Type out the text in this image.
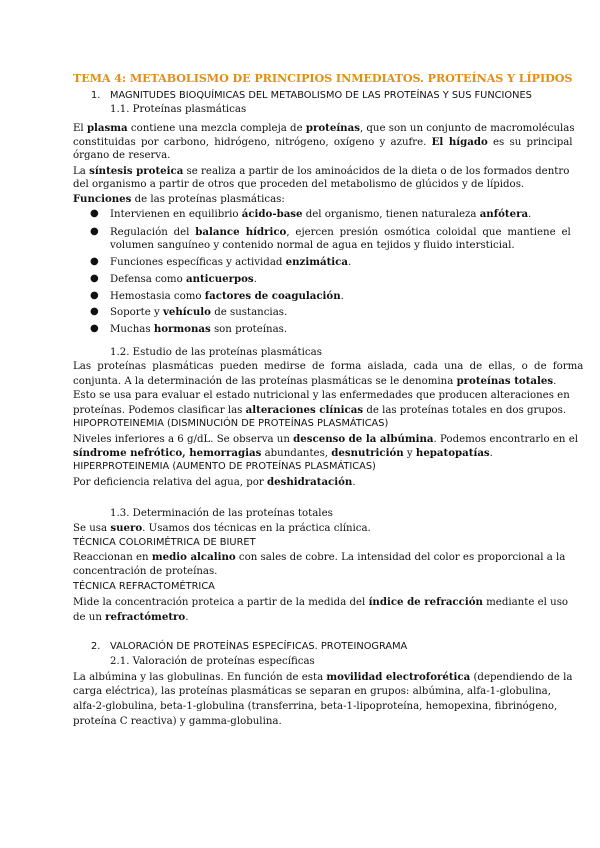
TEMA 4: METABOLISMO DE PRINCIPIOS INMEDIATOS. PROTEÍNAS Y LÍPIDOS
1. MAGNITUDES BIOQUÍMICAS DEL METABOLISMO DE LAS PROTEÍNAS Y SUS FUNCIONES
1.1. Proteínas plasmáticas
El plasma contiene una mezcla compleja de proteínas, que son un conjunto de macromoléculas
constituidas por carbono, hidrógeno, nitrógeno, oxígeno y azufre. El hígado es su principal
órgano de reserva.
La síntesis proteica se realiza a partir de los aminoácidos de la dieta o de los formados dentro
del organismo a partir de otros que proceden del metabolismo de glúcidos y de lípidos.
Funciones de las proteínas plasmáticas:
● Intervienen en equilibrio ácido-base del organismo, tienen naturaleza anfótera.
● Regulación del balance hídrico, ejercen presión osmótica coloidal que mantiene el
volumen sanguíneo y contenido normal de agua en tejidos y fluido intersticial.
● Funciones específicas y actividad enzimática.
● Defensa como anticuerpos.
● Hemostasia como factores de coagulación.
● Soporte y vehículo de sustancias.
● Muchas hormonas son proteínas.
1.2. Estudio de las proteínas plasmáticas
Las proteínas plasmáticas pueden medirse de forma aislada, cada una de ellas, o de forma
conjunta. A la determinación de las proteínas plasmáticas se le denomina proteínas totales.
Esto se usa para evaluar el estado nutricional y las enfermedades que producen alteraciones en
proteínas. Podemos clasificar las alteraciones clínicas de las proteínas totales en dos grupos.
HIPOPROTEINEMIA (DISMINUCIÓN DE PROTEÍNAS PLASMÁTICAS)
Niveles inferiores a 6 g/dL. Se observa un descenso de la albúmina. Podemos encontrarlo en el
síndrome nefrótico, hemorragias abundantes, desnutrición y hepatopatías.
HIPERPROTEINEMIA (AUMENTO DE PROTEÍNAS PLASMÁTICAS)
Por deficiencia relativa del agua, por deshidratación.
1.3. Determinación de las proteínas totales
Se usa suero. Usamos dos técnicas en la práctica clínica.
TÉCNICA COLORIMÉTRICA DE BIURET
Reaccionan en medio alcalino con sales de cobre. La intensidad del color es proporcional a la
concentración de proteínas.
TÉCNICA REFRACTOMÉTRICA
Mide la concentración proteica a partir de la medida del índice de refracción mediante el uso
de un refractómetro.
2. VALORACIÓN DE PROTEÍNAS ESPECÍFICAS. PROTEINOGRAMA
2.1. Valoración de proteínas específicas
La albúmina y las globulinas. En función de esta movilidad electroforética (dependiendo de la
carga eléctrica), las proteínas plasmáticas se separan en grupos: albúmina, alfa-1-globulina,
alfa-2-globulina, beta-1-globulina (transferrina, beta-1-lipoproteína, hemopexina, fibrinógeno,
proteína C reactiva) y gamma-globulina.
